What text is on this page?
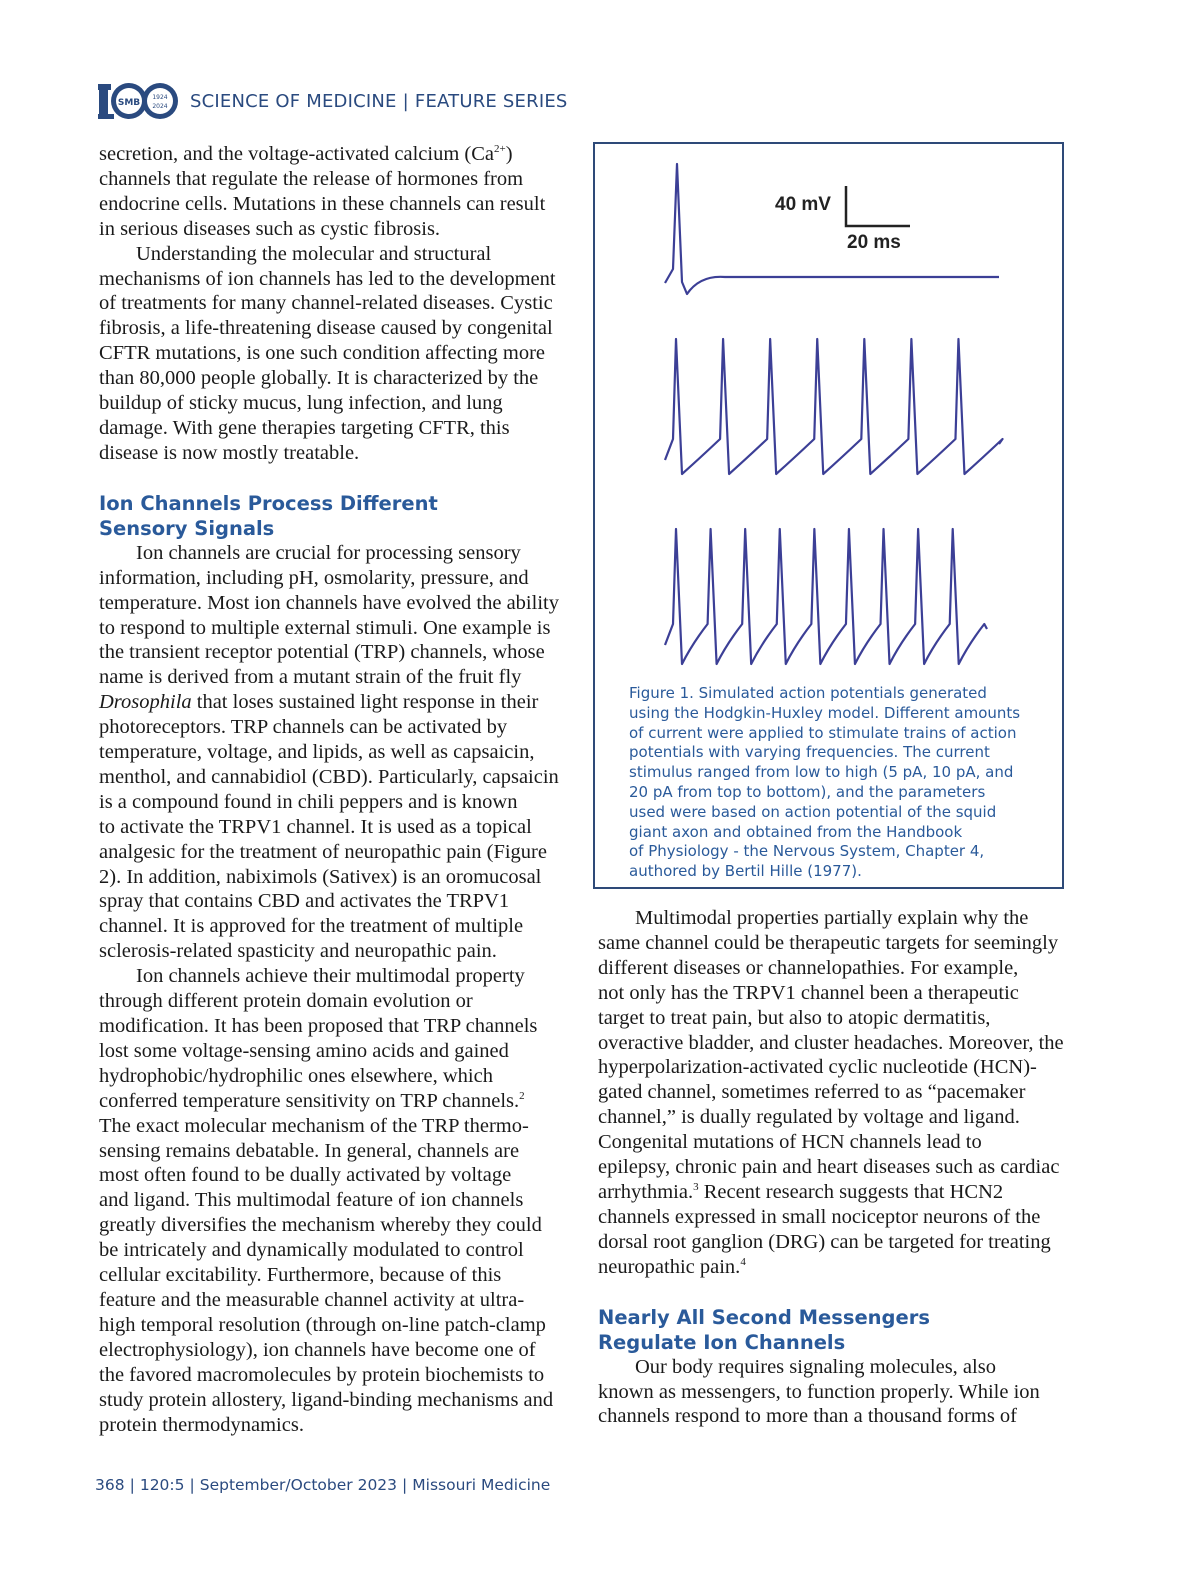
SMB
1924
2024 SCIENCE OF MEDICINE | FEATURE SERIES

secretion, and the voltage-activated calcium $(Ca^{2+})$
channels that regulate the release of hormones from
endocrine cells. Mutations in these channels can result
in serious diseases such as cystic fibrosis.

Understanding the molecular and structural
mechanisms of ion channels has led to the development
of treatments for many channel-related diseases. Cystic
fibrosis, a life-threatening disease caused by congenital
CFTR mutations, is one such condition affecting more
than 80,000 people globally. It is characterized by the
buildup of sticky mucus, lung infection, and lung
damage. With gene therapies targeting CFTR, this
disease is now mostly treatable.

Ion Channels Process Different
Sensory Signals

Ion channels are crucial for processing sensory
information, including pH, osmolarity, pressure, and
temperature. Most ion channels have evolved the ability
to respond to multiple external stimuli. One example is
the transient receptor potential (TRP) channels, whose
name is derived from a mutant strain of the fruit fly
Drosophila that loses sustained light response in their
photoreceptors. TRP channels can be activated by
temperature, voltage, and lipids, as well as capsaicin,
menthol, and cannabidiol (CBD). Particularly, capsaicin
is a compound found in chili peppers and is known
to activate the TRPV1 channel. It is used as a topical
analgesic for the treatment of neuropathic pain (Figure
2). In addition, nabiximols (Sativex) is an oromucosal
spray that contains CBD and activates the TRPV1
channel. It is approved for the treatment of multiple
sclerosis-related spasticity and neuropathic pain.

Ion channels achieve their multimodal property
through different protein domain evolution or
modification. It has been proposed that TRP channels
lost some voltage-sensing amino acids and gained
hydrophobic/hydrophilic ones elsewhere, which
conferred temperature sensitivity on TRP channels.$^2$
The exact molecular mechanism of the TRP thermo-
sensing remains debatable. In general, channels are
most often found to be dually activated by voltage
and ligand. This multimodal feature of ion channels
greatly diversifies the mechanism whereby they could
be intricately and dynamically modulated to control
cellular excitability. Furthermore, because of this
feature and the measurable channel activity at ultra-
high temporal resolution (through on-line patch-clamp
electrophysiology), ion channels have become one of
the favored macromolecules by protein biochemists to
study protein allostery, ligand-binding mechanisms and
protein thermodynamics.

40 mV
20 ms
Figure 1. Simulated action potentials generated
using the Hodgkin-Huxley model. Different amounts
of current were applied to stimulate trains of action
potentials with varying frequencies. The current
stimulus ranged from low to high (5 pA, 10 pA, and
20 pA from top to bottom), and the parameters
used were based on action potential of the squid
giant axon and obtained from the Handbook
of Physiology - the Nervous System, Chapter 4,
authored by Bertil Hille (1977).

Multimodal properties partially explain why the
same channel could be therapeutic targets for seemingly
different diseases or channelopathies. For example,
not only has the TRPV1 channel been a therapeutic
target to treat pain, but also to atopic dermatitis,
overactive bladder, and cluster headaches. Moreover, the
hyperpolarization-activated cyclic nucleotide (HCN)-
gated channel, sometimes referred to as “pacemaker
channel,” is dually regulated by voltage and ligand.
Congenital mutations of HCN channels lead to
epilepsy, chronic pain and heart diseases such as cardiac
arrhythmia.$^3$ Recent research suggests that HCN2
channels expressed in small nociceptor neurons of the
dorsal root ganglion (DRG) can be targeted for treating
neuropathic pain.$^4$

Nearly All Second Messengers
Regulate Ion Channels

Our body requires signaling molecules, also
known as messengers, to function properly. While ion
channels respond to more than a thousand forms of

368 | 120:5 | September/October 2023 | Missouri Medicine
